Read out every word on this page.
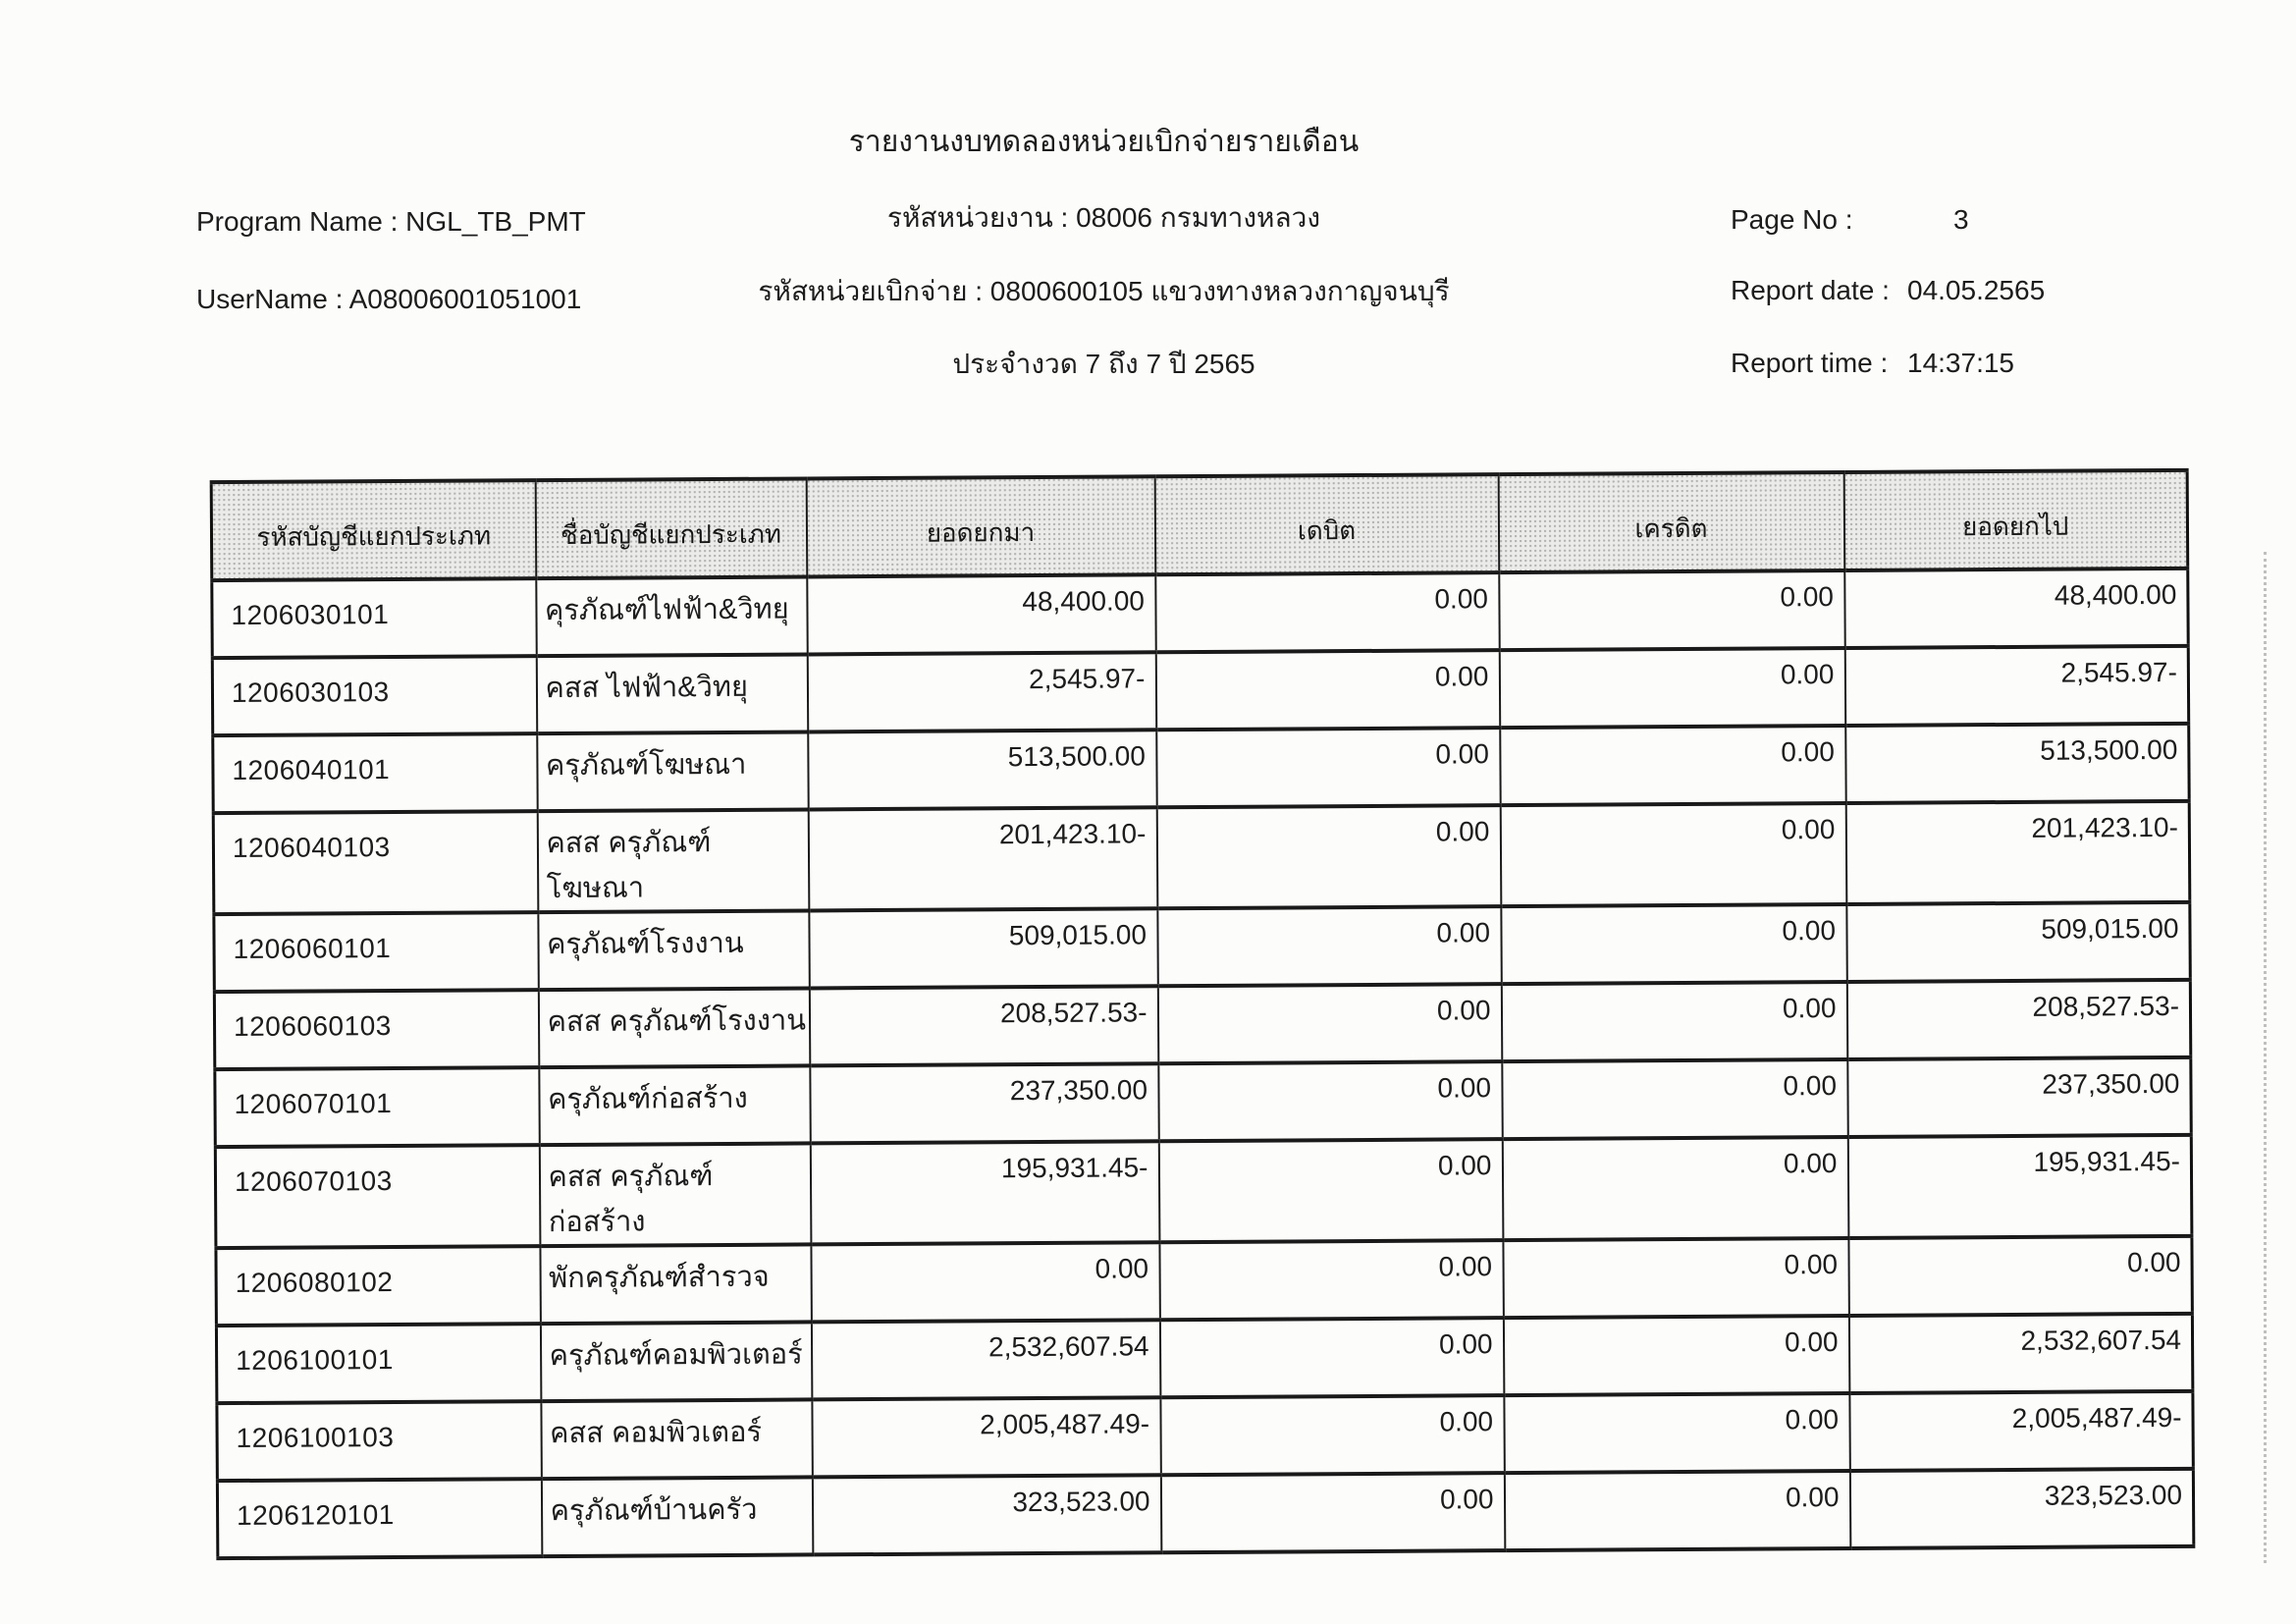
รายงานงบทดลองหน่วยเบิกจ่ายรายเดือน
Program Name : NGL_TB_PMT
UserName : A08006001051001
รหัสหน่วยงาน : 08006 กรมทางหลวง
รหัสหน่วยเบิกจ่าย : 0800600105 แขวงทางหลวงกาญจนบุรี
ประจำงวด 7 ถึง 7 ปี 2565
Page No :	3
Report date : 04.05.2565
Report time : 14:37:15
รหัสบัญชีแยกประเภท	ชื่อบัญชีแยกประเภท	ยอดยกมา	เดบิต	เครดิต	ยอดยกไป
1206030101	คุรภัณฑ์ไฟฟ้า&วิทยุ	48,400.00	0.00	0.00	48,400.00
1206030103	คสส ไฟฟ้า&วิทยุ	2,545.97-	0.00	0.00	2,545.97-
1206040101	ครุภัณฑ์โฆษณา	513,500.00	0.00	0.00	513,500.00
1206040103	คสส ครุภัณฑ์โฆษณา	201,423.10-	0.00	0.00	201,423.10-
1206060101	ครุภัณฑ์โรงงาน	509,015.00	0.00	0.00	509,015.00
1206060103	คสส ครุภัณฑ์โรงงาน	208,527.53-	0.00	0.00	208,527.53-
1206070101	ครุภัณฑ์ก่อสร้าง	237,350.00	0.00	0.00	237,350.00
1206070103	คสส ครุภัณฑ์ก่อสร้าง	195,931.45-	0.00	0.00	195,931.45-
1206080102	พักครุภัณฑ์สำรวจ	0.00	0.00	0.00	0.00
1206100101	ครุภัณฑ์คอมพิวเตอร์	2,532,607.54	0.00	0.00	2,532,607.54
1206100103	คสส คอมพิวเตอร์	2,005,487.49-	0.00	0.00	2,005,487.49-
1206120101	ครุภัณฑ์บ้านครัว	323,523.00	0.00	0.00	323,523.00
